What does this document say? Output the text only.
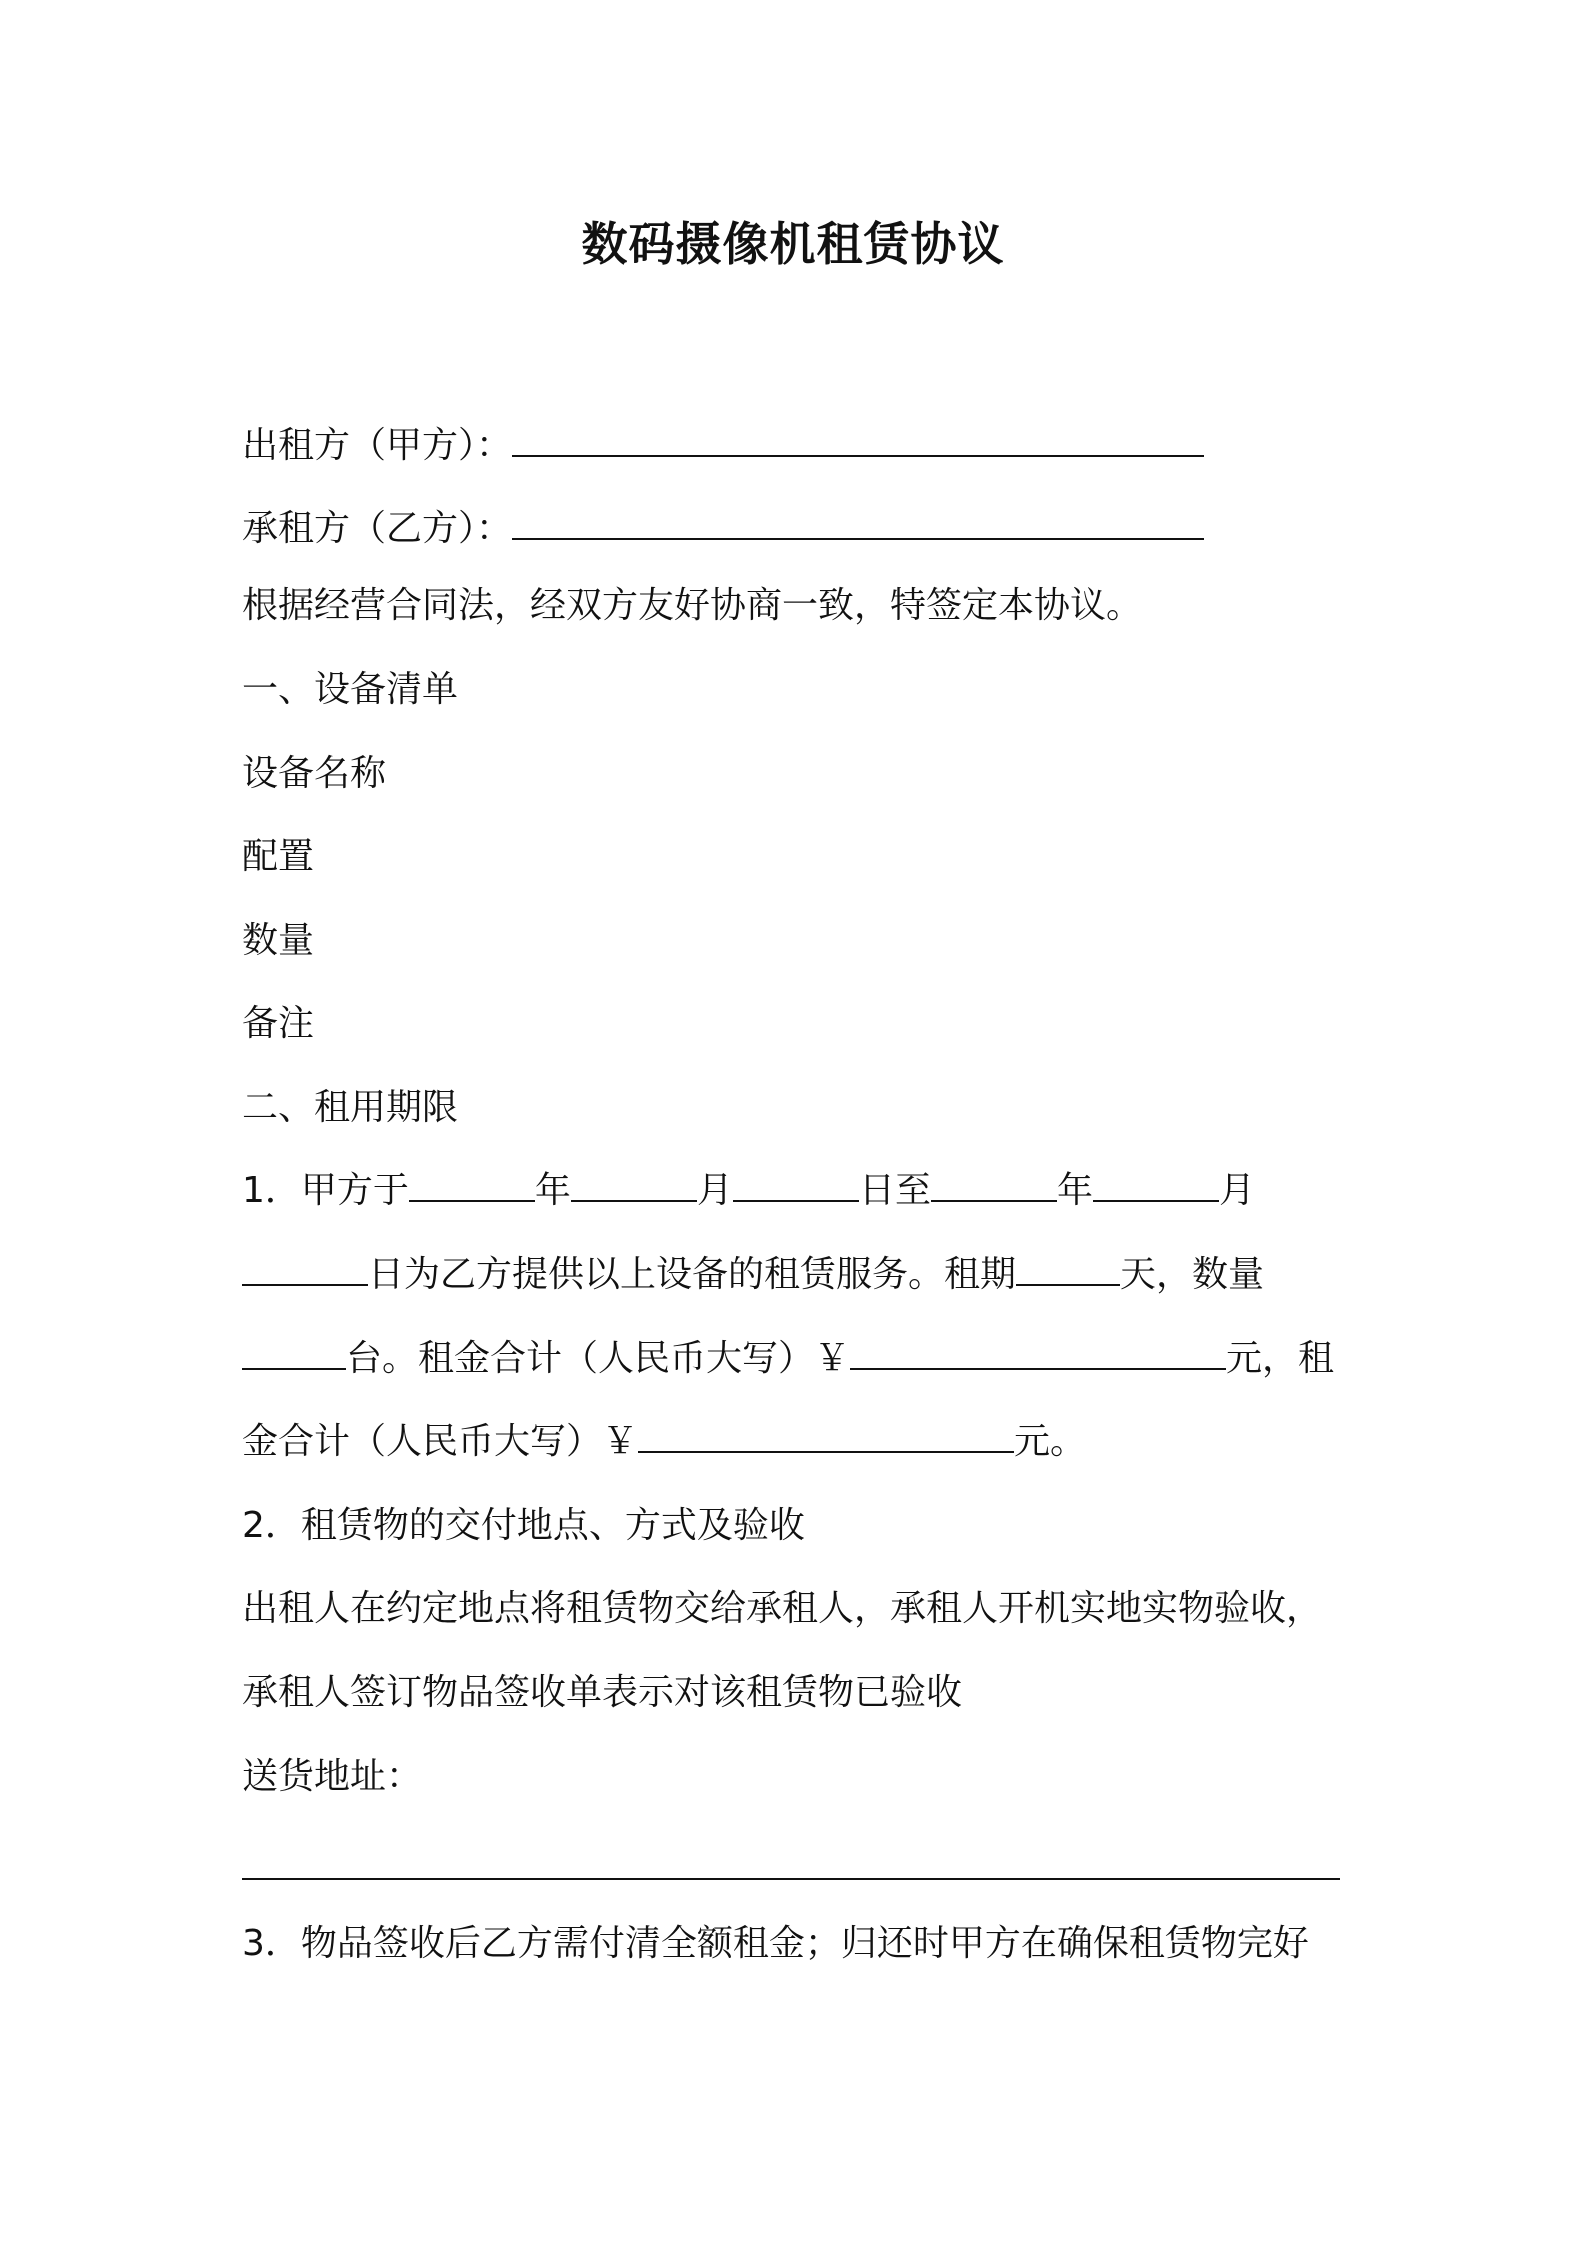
数码摄像机租赁协议
出租方（甲方）：
承租方（乙方）：
根据经营合同法，经双方友好协商一致，特签定本协议。
一、设备清单
设备名称
配置
数量
备注
二、租用期限
1．甲方于	年	月	日至	年	月
日为乙方提供以上设备的租赁服务。租期	天，数量
台。租金合计（人民币大写）￥	元，租
金合计（人民币大写）￥	元。
2．租赁物的交付地点、方式及验收
出租人在约定地点将租赁物交给承租人，承租人开机实地实物验收，
承租人签订物品签收单表示对该租赁物已验收
送货地址：
3．物品签收后乙方需付清全额租金；归还时甲方在确保租赁物完好
